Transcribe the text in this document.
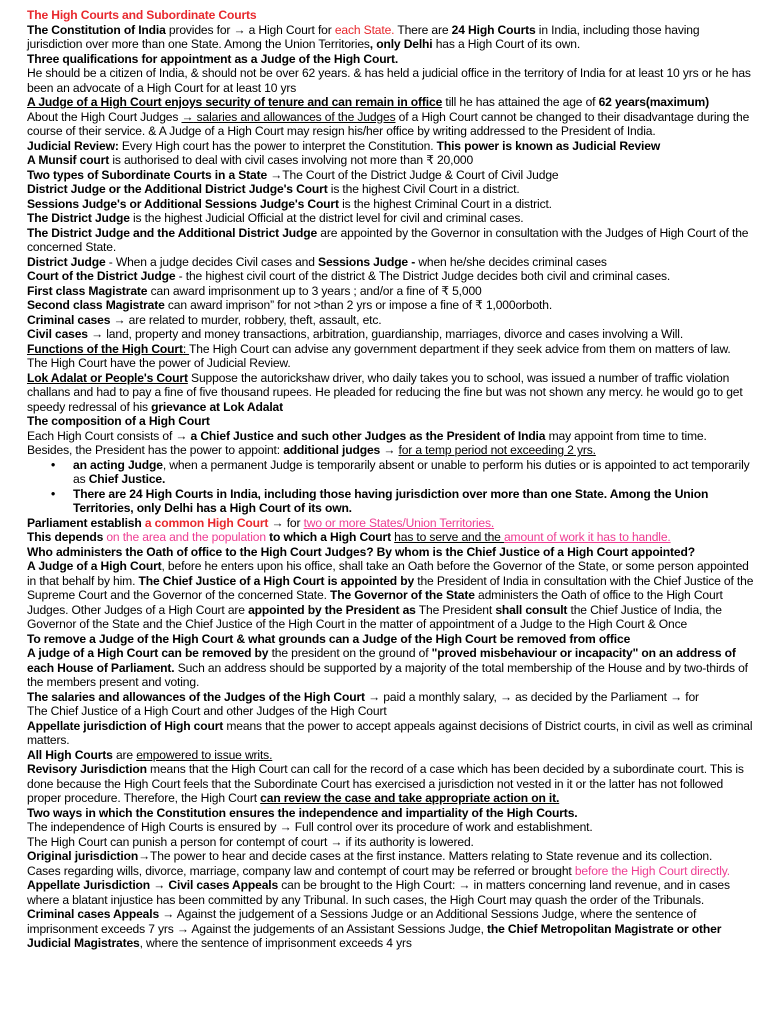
The High Courts and Subordinate Courts

The Constitution of India provides for → a High Court for each State. There are 24 High Courts in India, including those having jurisdiction over more than one State. Among the Union Territories, only Delhi has a High Court of its own.

Three qualifications for appointment as a Judge of the High Court.

He should be a citizen of India, & should not be over 62 years. & has held a judicial office in the territory of India for at least 10 yrs or he has been an advocate of a High Court for at least 10 yrs

A Judge of a High Court enjoys security of tenure and can remain in office till he has attained the age of 62 years(maximum)

About the High Court Judges → salaries and allowances of the Judges of a High Court cannot be changed to their disadvantage during the course of their service. & A Judge of a High Court may resign his/her office by writing addressed to the President of India.

Judicial Review: Every High court has the power to interpret the Constitution. This power is known as Judicial Review

A Munsif court is authorised to deal with civil cases involving not more than ₹ 20,000

Two types of Subordinate Courts in a State →The Court of the District Judge & Court of Civil Judge

District Judge or the Additional District Judge's Court is the highest Civil Court in a district.

Sessions Judge's or Additional Sessions Judge's Court is the highest Criminal Court in a district.

The District Judge is the highest Judicial Official at the district level for civil and criminal cases.

The District Judge and the Additional District Judge are appointed by the Governor in consultation with the Judges of High Court of the concerned State.

District Judge - When a judge decides Civil cases and Sessions Judge - when he/she decides criminal cases

Court of the District Judge - the highest civil court of the district & The District Judge decides both civil and criminal cases.

First class Magistrate can award imprisonment up to 3 years ; and/or a fine of ₹ 5,000

Second class Magistrate can award imprison” for not >than 2 yrs or impose a fine of ₹ 1,000orboth.

Criminal cases → are related to murder, robbery, theft, assault, etc.

Civil cases → land, property and money transactions, arbitration, guardianship, marriages, divorce and cases involving a Will.

Functions of the High Court: The High Court can advise any government department if they seek advice from them on matters of law.

The High Court have the power of Judicial Review.

Lok Adalat or People's Court Suppose the autorickshaw driver, who daily takes you to school, was issued a number of traffic violation challans and had to pay a fine of five thousand rupees. He pleaded for reducing the fine but was not shown any mercy. he would go to get speedy redressal of his grievance at Lok Adalat

The composition of a High Court

Each High Court consists of → a Chief Justice and such other Judges as the President of India may appoint from time to time. Besides, the President has the power to appoint: additional judges → for a temp period not exceeding 2 yrs.

• an acting Judge, when a permanent Judge is temporarily absent or unable to perform his duties or is appointed to act temporarily as Chief Justice.
• There are 24 High Courts in India, including those having jurisdiction over more than one State. Among the Union Territories, only Delhi has a High Court of its own.

Parliament establish a common High Court → for two or more States/Union Territories.

This depends on the area and the population to which a High Court has to serve and the amount of work it has to handle.

Who administers the Oath of office to the High Court Judges? By whom is the Chief Justice of a High Court appointed?

A Judge of a High Court, before he enters upon his office, shall take an Oath before the Governor of the State, or some person appointed in that behalf by him. The Chief Justice of a High Court is appointed by the President of India in consultation with the Chief Justice of the Supreme Court and the Governor of the concerned State. The Governor of the State administers the Oath of office to the High Court Judges. Other Judges of a High Court are appointed by the President as The President shall consult the Chief Justice of India, the Governor of the State and the Chief Justice of the High Court in the matter of appointment of a Judge to the High Court & Once

To remove a Judge of the High Court & what grounds can a Judge of the High Court be removed from office

A judge of a High Court can be removed by the president on the ground of "proved misbehaviour or incapacity" on an address of each House of Parliament. Such an address should be supported by a majority of the total membership of the House and by two-thirds of the members present and voting.

The salaries and allowances of the Judges of the High Court → paid a monthly salary, → as decided by the Parliament → for

The Chief Justice of a High Court and other Judges of the High Court

Appellate jurisdiction of High court means that the power to accept appeals against decisions of District courts, in civil as well as criminal matters.

All High Courts are empowered to issue writs.

Revisory Jurisdiction means that the High Court can call for the record of a case which has been decided by a subordinate court. This is done because the High Court feels that the Subordinate Court has exercised a jurisdiction not vested in it or the latter has not followed proper procedure. Therefore, the High Court can review the case and take appropriate action on it.

Two ways in which the Constitution ensures the independence and impartiality of the High Courts.

The independence of High Courts is ensured by → Full control over its procedure of work and establishment.

The High Court can punish a person for contempt of court → if its authority is lowered.

Original jurisdiction→The power to hear and decide cases at the first instance. Matters relating to State revenue and its collection.

Cases regarding wills, divorce, marriage, company law and contempt of court may be referred or brought before the High Court directly.

Appellate Jurisdiction → Civil cases Appeals can be brought to the High Court: → in matters concerning land revenue, and in cases where a blatant injustice has been committed by any Tribunal. In such cases, the High Court may quash the order of the Tribunals.

Criminal cases Appeals → Against the judgement of a Sessions Judge or an Additional Sessions Judge, where the sentence of imprisonment exceeds 7 yrs → Against the judgements of an Assistant Sessions Judge, the Chief Metropolitan Magistrate or other Judicial Magistrates, where the sentence of imprisonment exceeds 4 yrs
